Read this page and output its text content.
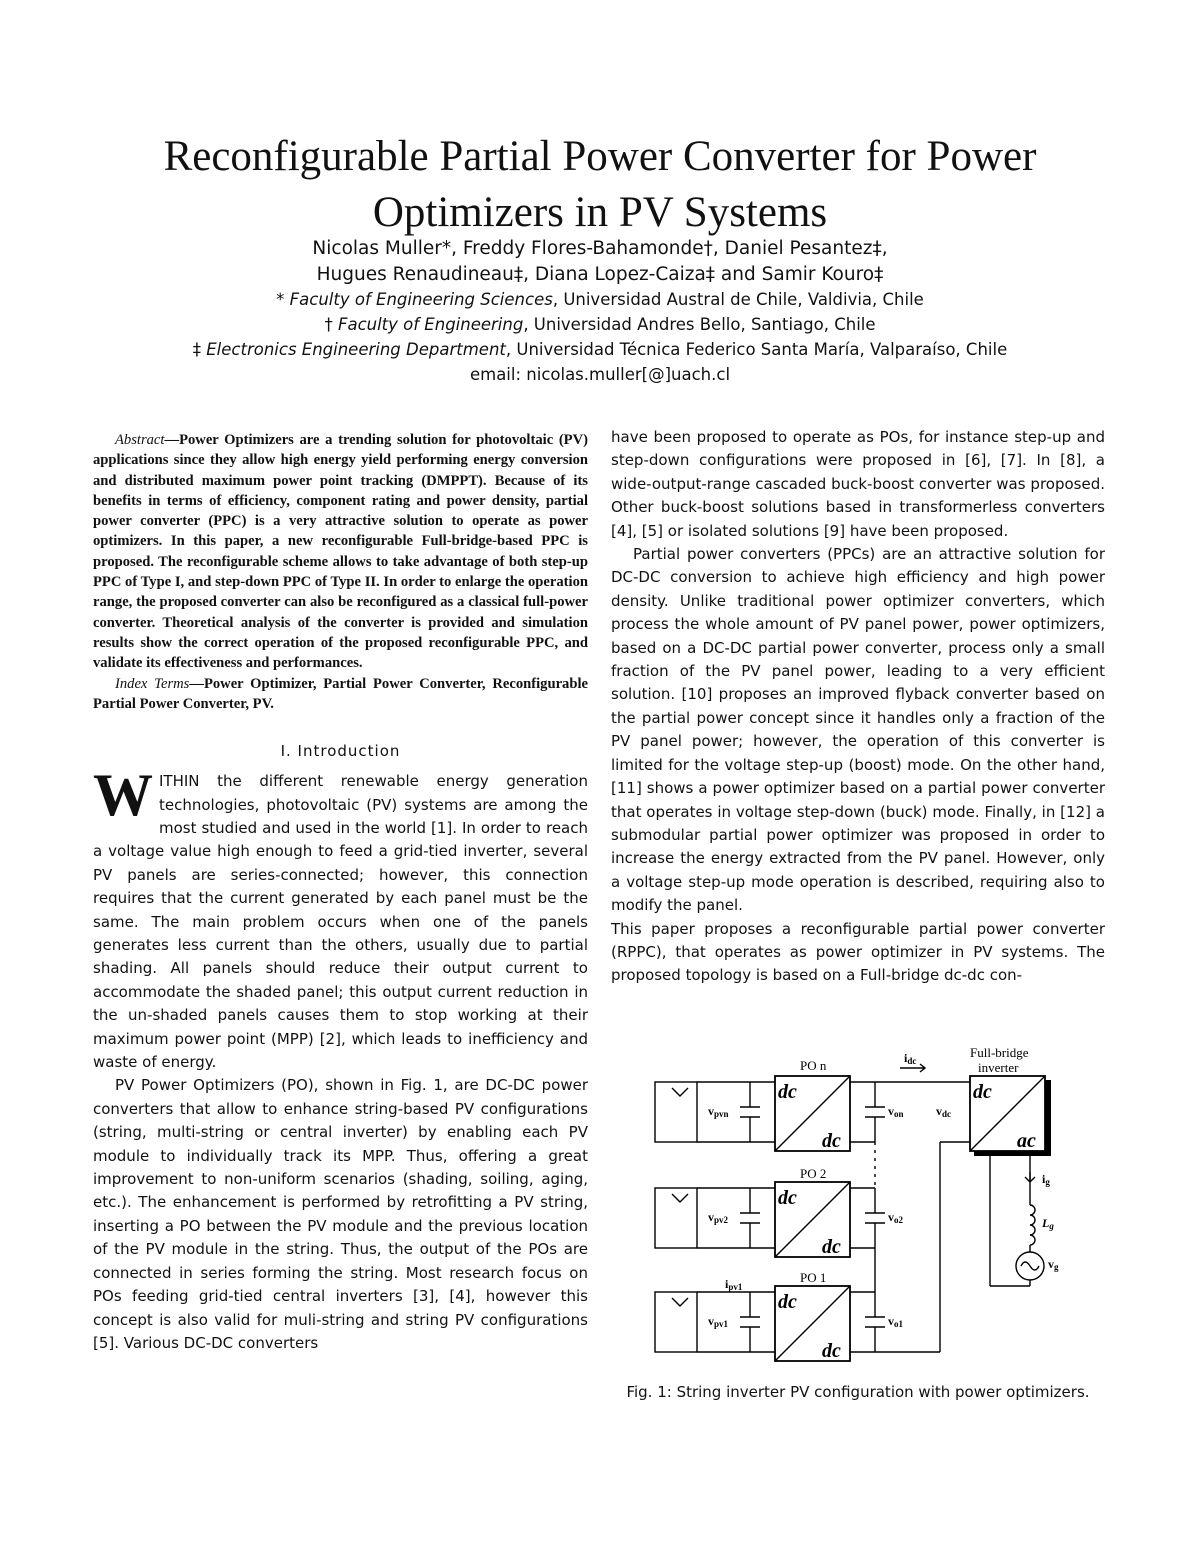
Reconfigurable Partial Power Converter for Power
Optimizers in PV Systems
Nicolas Muller*, Freddy Flores-Bahamonde†, Daniel Pesantez‡,
Hugues Renaudineau‡, Diana Lopez-Caiza‡ and Samir Kouro‡
* Faculty of Engineering Sciences, Universidad Austral de Chile, Valdivia, Chile
† Faculty of Engineering, Universidad Andres Bello, Santiago, Chile
‡ Electronics Engineering Department, Universidad Técnica Federico Santa María, Valparaíso, Chile
email: nicolas.muller[@]uach.cl

Abstract—Power Optimizers are a trending solution for photovoltaic (PV) applications since they allow high energy yield performing energy conversion and distributed maximum power point tracking (DMPPT). Because of its benefits in terms of efficiency, component rating and power density, partial power converter (PPC) is a very attractive solution to operate as power optimizers. In this paper, a new reconfigurable Full-bridge-based PPC is proposed. The reconfigurable scheme allows to take advantage of both step-up PPC of Type I, and step-down PPC of Type II. In order to enlarge the operation range, the proposed converter can also be reconfigured as a classical full-power converter. Theoretical analysis of the converter is provided and simulation results show the correct operation of the proposed reconfigurable PPC, and validate its effectiveness and performances.

Index Terms—Power Optimizer, Partial Power Converter, Reconfigurable Partial Power Converter, PV.

I. Introduction

WITHIN the different renewable energy generation technologies, photovoltaic (PV) systems are among the most studied and used in the world [1]. In order to reach a voltage value high enough to feed a grid-tied inverter, several PV panels are series-connected; however, this connection requires that the current generated by each panel must be the same. The main problem occurs when one of the panels generates less current than the others, usually due to partial shading. All panels should reduce their output current to accommodate the shaded panel; this output current reduction in the un-shaded panels causes them to stop working at their maximum power point (MPP) [2], which leads to inefficiency and waste of energy.

PV Power Optimizers (PO), shown in Fig. 1, are DC-DC power converters that allow to enhance string-based PV configurations (string, multi-string or central inverter) by enabling each PV module to individually track its MPP. Thus, offering a great improvement to non-uniform scenarios (shading, soiling, aging, etc.). The enhancement is performed by retrofitting a PV string, inserting a PO between the PV module and the previous location of the PV module in the string. Thus, the output of the POs are connected in series forming the string. Most research focus on POs feeding grid-tied central inverters [3], [4], however this concept is also valid for muli-string and string PV configurations [5]. Various DC-DC converters

have been proposed to operate as POs, for instance step-up and step-down configurations were proposed in [6], [7]. In [8], a wide-output-range cascaded buck-boost converter was proposed. Other buck-boost solutions based in transformerless converters [4], [5] or isolated solutions [9] have been proposed.

Partial power converters (PPCs) are an attractive solution for DC-DC conversion to achieve high efficiency and high power density. Unlike traditional power optimizer converters, which process the whole amount of PV panel power, power optimizers, based on a DC-DC partial power converter, process only a small fraction of the PV panel power, leading to a very efficient solution. [10] proposes an improved flyback converter based on the partial power concept since it handles only a fraction of the PV panel power; however, the operation of this converter is limited for the voltage step-up (boost) mode. On the other hand, [11] shows a power optimizer based on a partial power converter that operates in voltage step-down (buck) mode. Finally, in [12] a submodular partial power optimizer was proposed in order to increase the energy extracted from the PV panel. However, only a voltage step-up mode operation is described, requiring also to modify the panel.

This paper proposes a reconfigurable partial power converter (RPPC), that operates as power optimizer in PV systems. The proposed topology is based on a Full-bridge dc-dc con-

PO n
PO 2
PO 1
Full-bridge
inverter
dc
dc
dc
dc
dc
dc
dc
ac
idc
ipv1
vpvn
vpv2
vpv1
von
vo2
vo1
vdc
ig
Lg
vg
Fig. 1: String inverter PV configuration with power optimizers.
